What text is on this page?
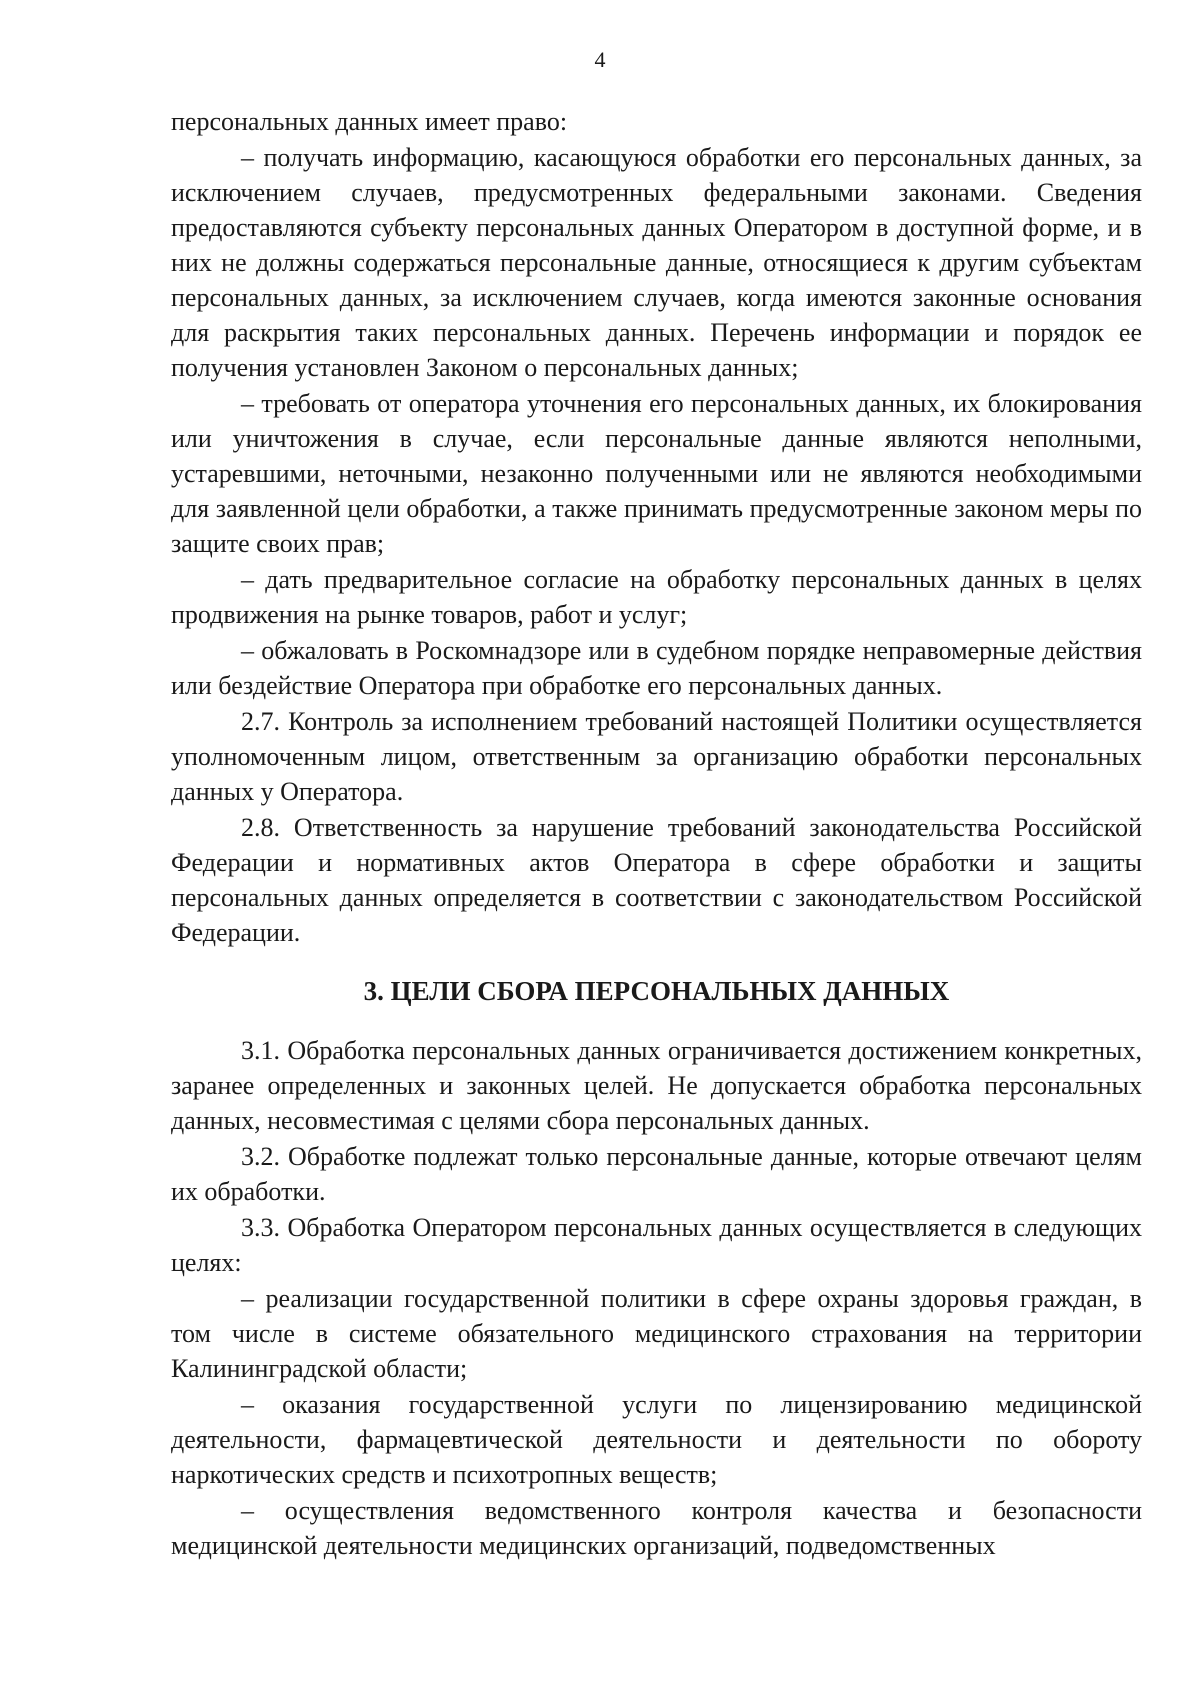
4

персональных данных имеет право:

– получать информацию, касающуюся обработки его персональных данных, за исключением случаев, предусмотренных федеральными законами. Сведения предоставляются субъекту персональных данных Оператором в доступной форме, и в них не должны содержаться персональные данные, относящиеся к другим субъектам персональных данных, за исключением случаев, когда имеются законные основания для раскрытия таких персональных данных. Перечень информации и порядок ее получения установлен Законом о персональных данных;

– требовать от оператора уточнения его персональных данных, их блокирования или уничтожения в случае, если персональные данные являются неполными, устаревшими, неточными, незаконно полученными или не являются необходимыми для заявленной цели обработки, а также принимать предусмотренные законом меры по защите своих прав;

– дать предварительное согласие на обработку персональных данных в целях продвижения на рынке товаров, работ и услуг;

– обжаловать в Роскомнадзоре или в судебном порядке неправомерные действия или бездействие Оператора при обработке его персональных данных.

2.7. Контроль за исполнением требований настоящей Политики осуществляется уполномоченным лицом, ответственным за организацию обработки персональных данных у Оператора.

2.8. Ответственность за нарушение требований законодательства Российской Федерации и нормативных актов Оператора в сфере обработки и защиты персональных данных определяется в соответствии с законодательством Российской Федерации.

3. ЦЕЛИ СБОРА ПЕРСОНАЛЬНЫХ ДАННЫХ

3.1. Обработка персональных данных ограничивается достижением конкретных, заранее определенных и законных целей. Не допускается обработка персональных данных, несовместимая с целями сбора персональных данных.

3.2. Обработке подлежат только персональные данные, которые отвечают целям их обработки.

3.3. Обработка Оператором персональных данных осуществляется в следующих целях:

– реализации государственной политики в сфере охраны здоровья граждан, в том числе в системе обязательного медицинского страхования на территории Калининградской области;

– оказания государственной услуги по лицензированию медицинской деятельности, фармацевтической деятельности и деятельности по обороту наркотических средств и психотропных веществ;

– осуществления ведомственного контроля качества и безопасности медицинской деятельности медицинских организаций, подведомственных
